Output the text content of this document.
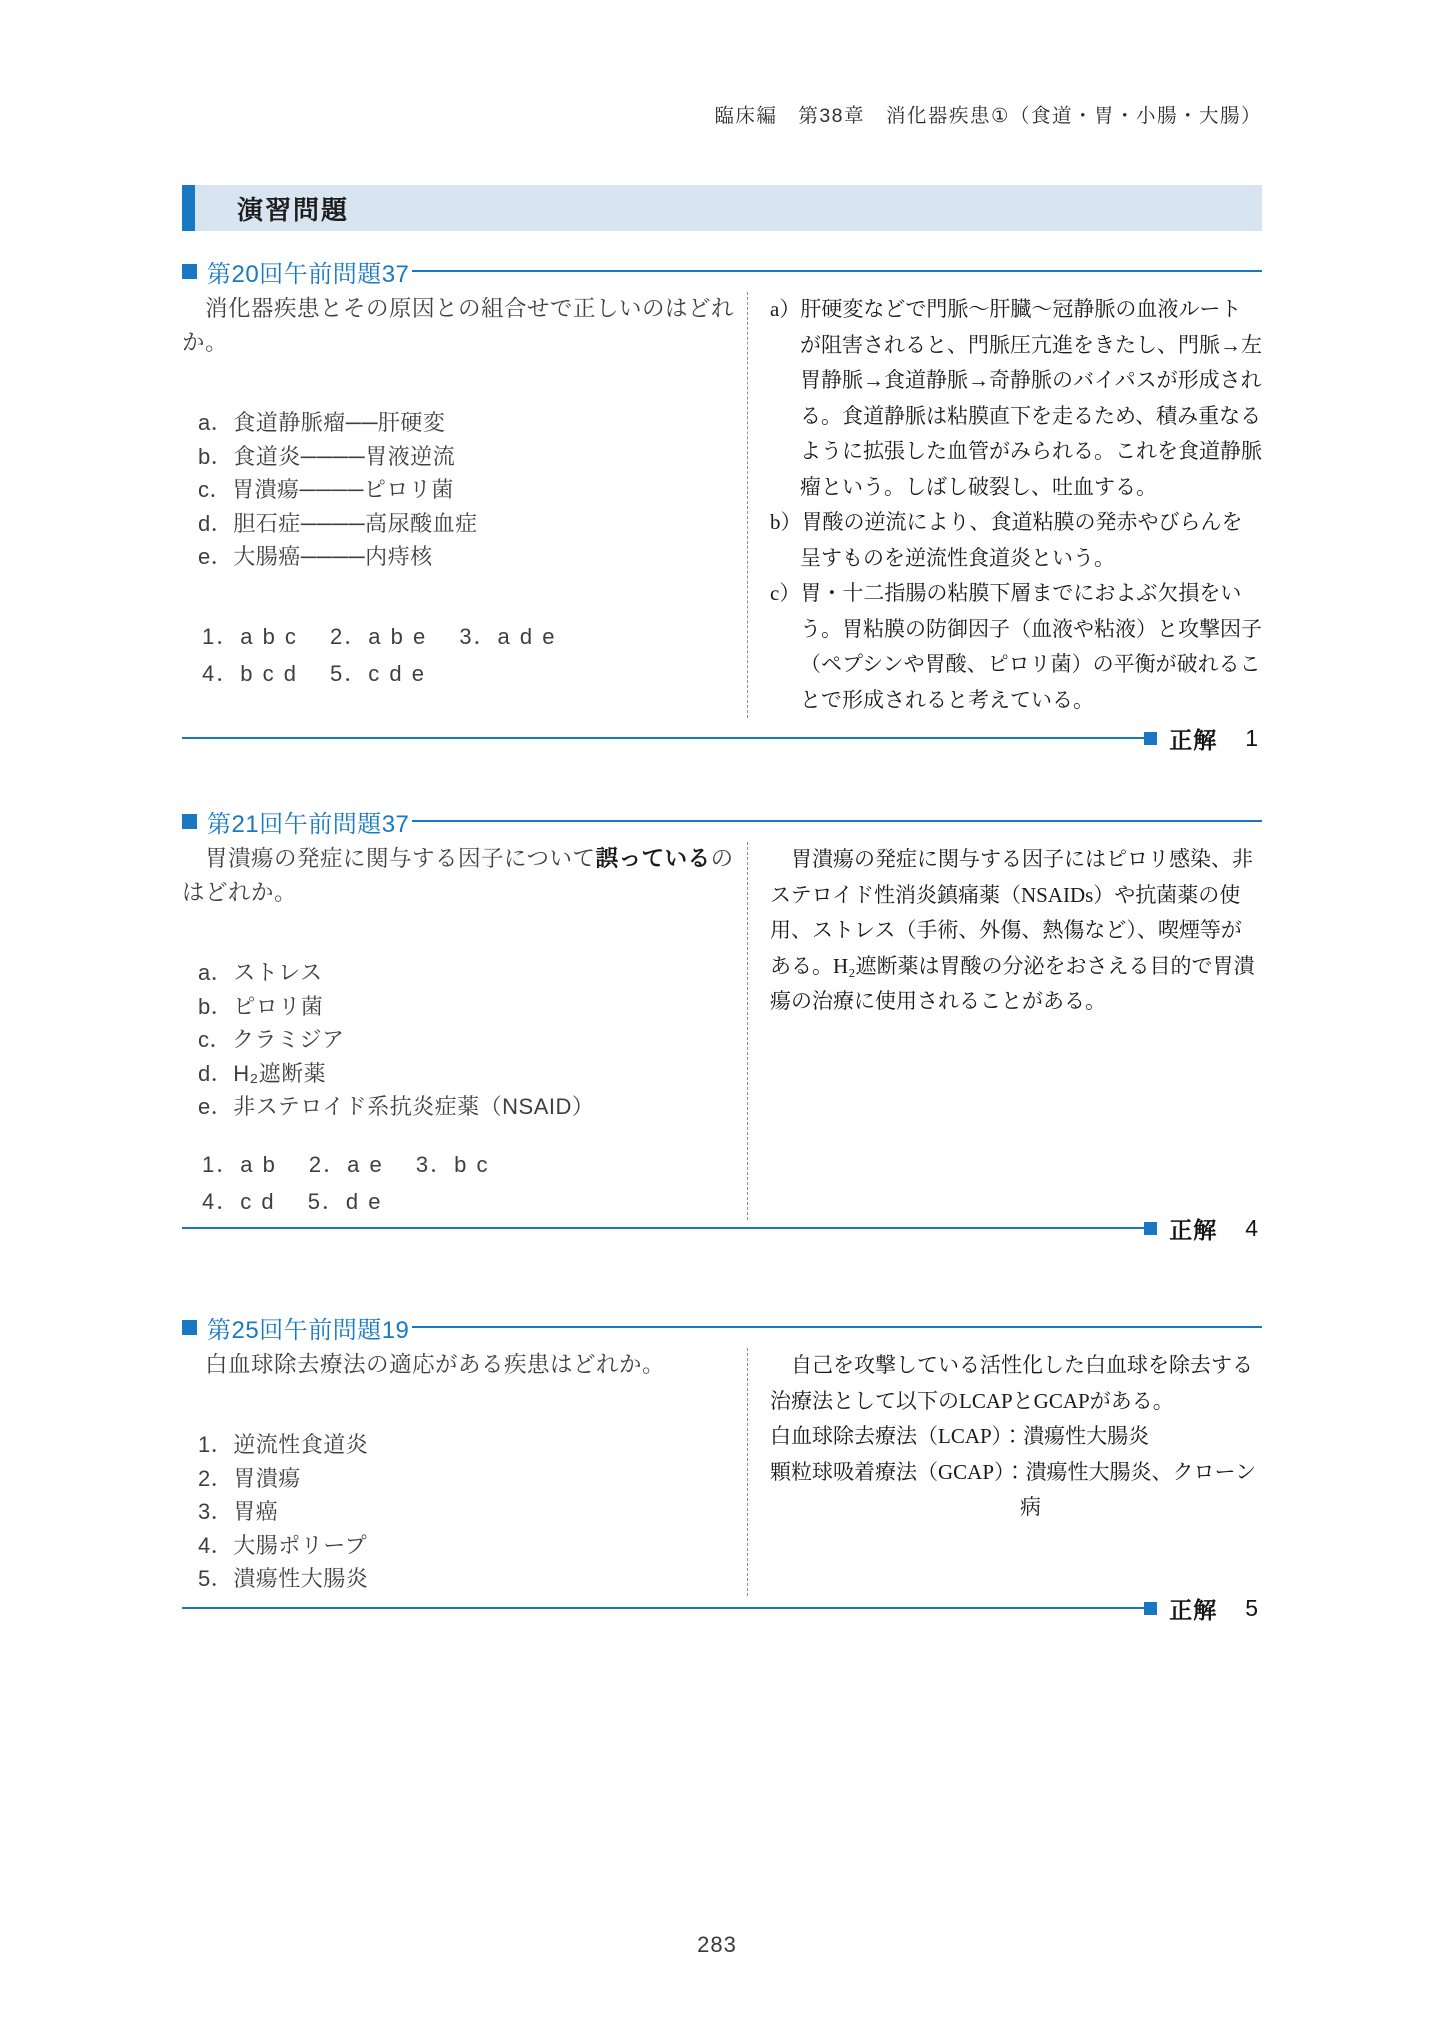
臨床編　第38章　消化器疾患①（食道・胃・小腸・大腸）
演習問題
第20回午前問題37

　消化器疾患とその原因との組合せで正しいのはどれか。

a．食道静脈瘤──肝硬変
b．食道炎────胃液逆流
c．胃潰瘍────ピロリ菌
d．胆石症────高尿酸血症
e．大腸癌────内痔核
1．a b c　 2．a b e　 3．a d e
4．b c d　 5．c d e

a）肝硬変などで門脈〜肝臓〜冠静脈の血液ルートが阻害されると、門脈圧亢進をきたし、門脈→左胃静脈→食道静脈→奇静脈のバイパスが形成される。食道静脈は粘膜直下を走るため、積み重なるように拡張した血管がみられる。これを食道静脈瘤という。しばし破裂し、吐血する。

b）胃酸の逆流により、食道粘膜の発赤やびらんを呈すものを逆流性食道炎という。

c）胃・十二指腸の粘膜下層までにおよぶ欠損をいう。胃粘膜の防御因子（血液や粘液）と攻撃因子（ペプシンや胃酸、ピロリ菌）の平衡が破れることで形成されると考えている。

正解 1
第21回午前問題37

　胃潰瘍の発症に関与する因子について誤っているのはどれか。

a．ストレス
b．ピロリ菌
c．クラミジア
d．H₂遮断薬
e．非ステロイド系抗炎症薬（NSAID）
1．a b　 2．a e　 3．b c
4．c d　 5．d e

　胃潰瘍の発症に関与する因子にはピロリ感染、非ステロイド性消炎鎮痛薬（NSAIDs）や抗菌薬の使用、ストレス（手術、外傷、熱傷など）、喫煙等がある。H₂遮断薬は胃酸の分泌をおさえる目的で胃潰瘍の治療に使用されることがある。

正解 4
第25回午前問題19

　白血球除去療法の適応がある疾患はどれか。

1．逆流性食道炎
2．胃潰瘍
3．胃癌
4．大腸ポリープ
5．潰瘍性大腸炎

　自己を攻撃している活性化した白血球を除去する治療法として以下のLCAPとGCAPがある。

白血球除去療法（LCAP）：潰瘍性大腸炎

顆粒球吸着療法（GCAP）：潰瘍性大腸炎、クローン病

正解 5
283
